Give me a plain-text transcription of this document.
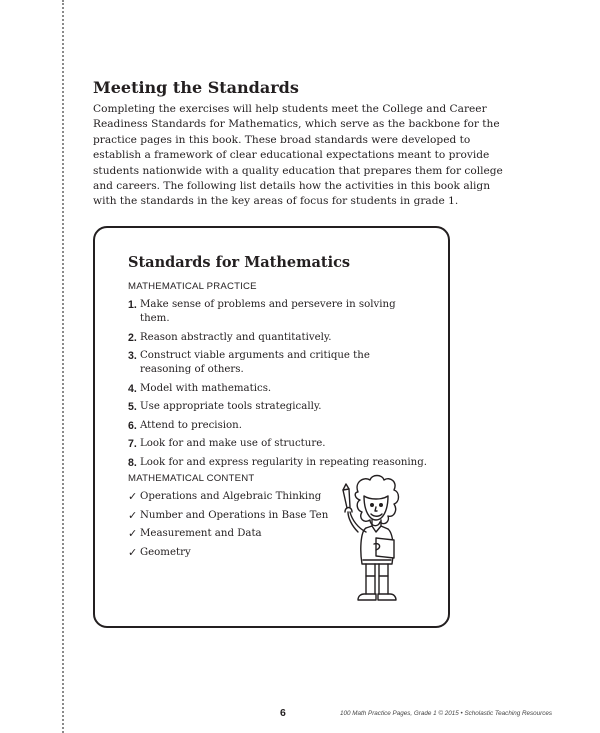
Meeting the Standards

Completing the exercises will help students meet the College and Career Readiness Standards for Mathematics, which serve as the backbone for the practice pages in this book. These broad standards were developed to establish a framework of clear educational expectations meant to provide students nationwide with a quality education that prepares them for college and careers. The following list details how the activities in this book align with the standards in the key areas of focus for students in grade 1.

Standards for Mathematics

MATHEMATICAL PRACTICE

1. Make sense of problems and persevere in solving them.
2. Reason abstractly and quantitatively.
3. Construct viable arguments and critique the reasoning of others.
4. Model with mathematics.
5. Use appropriate tools strategically.
6. Attend to precision.
7. Look for and make use of structure.
8. Look for and express regularity in repeating reasoning.

MATHEMATICAL CONTENT

✓ Operations and Algebraic Thinking
✓ Number and Operations in Base Ten
✓ Measurement and Data
✓ Geometry
6	100 Math Practice Pages, Grade 1 © 2015 • Scholastic Teaching Resources
